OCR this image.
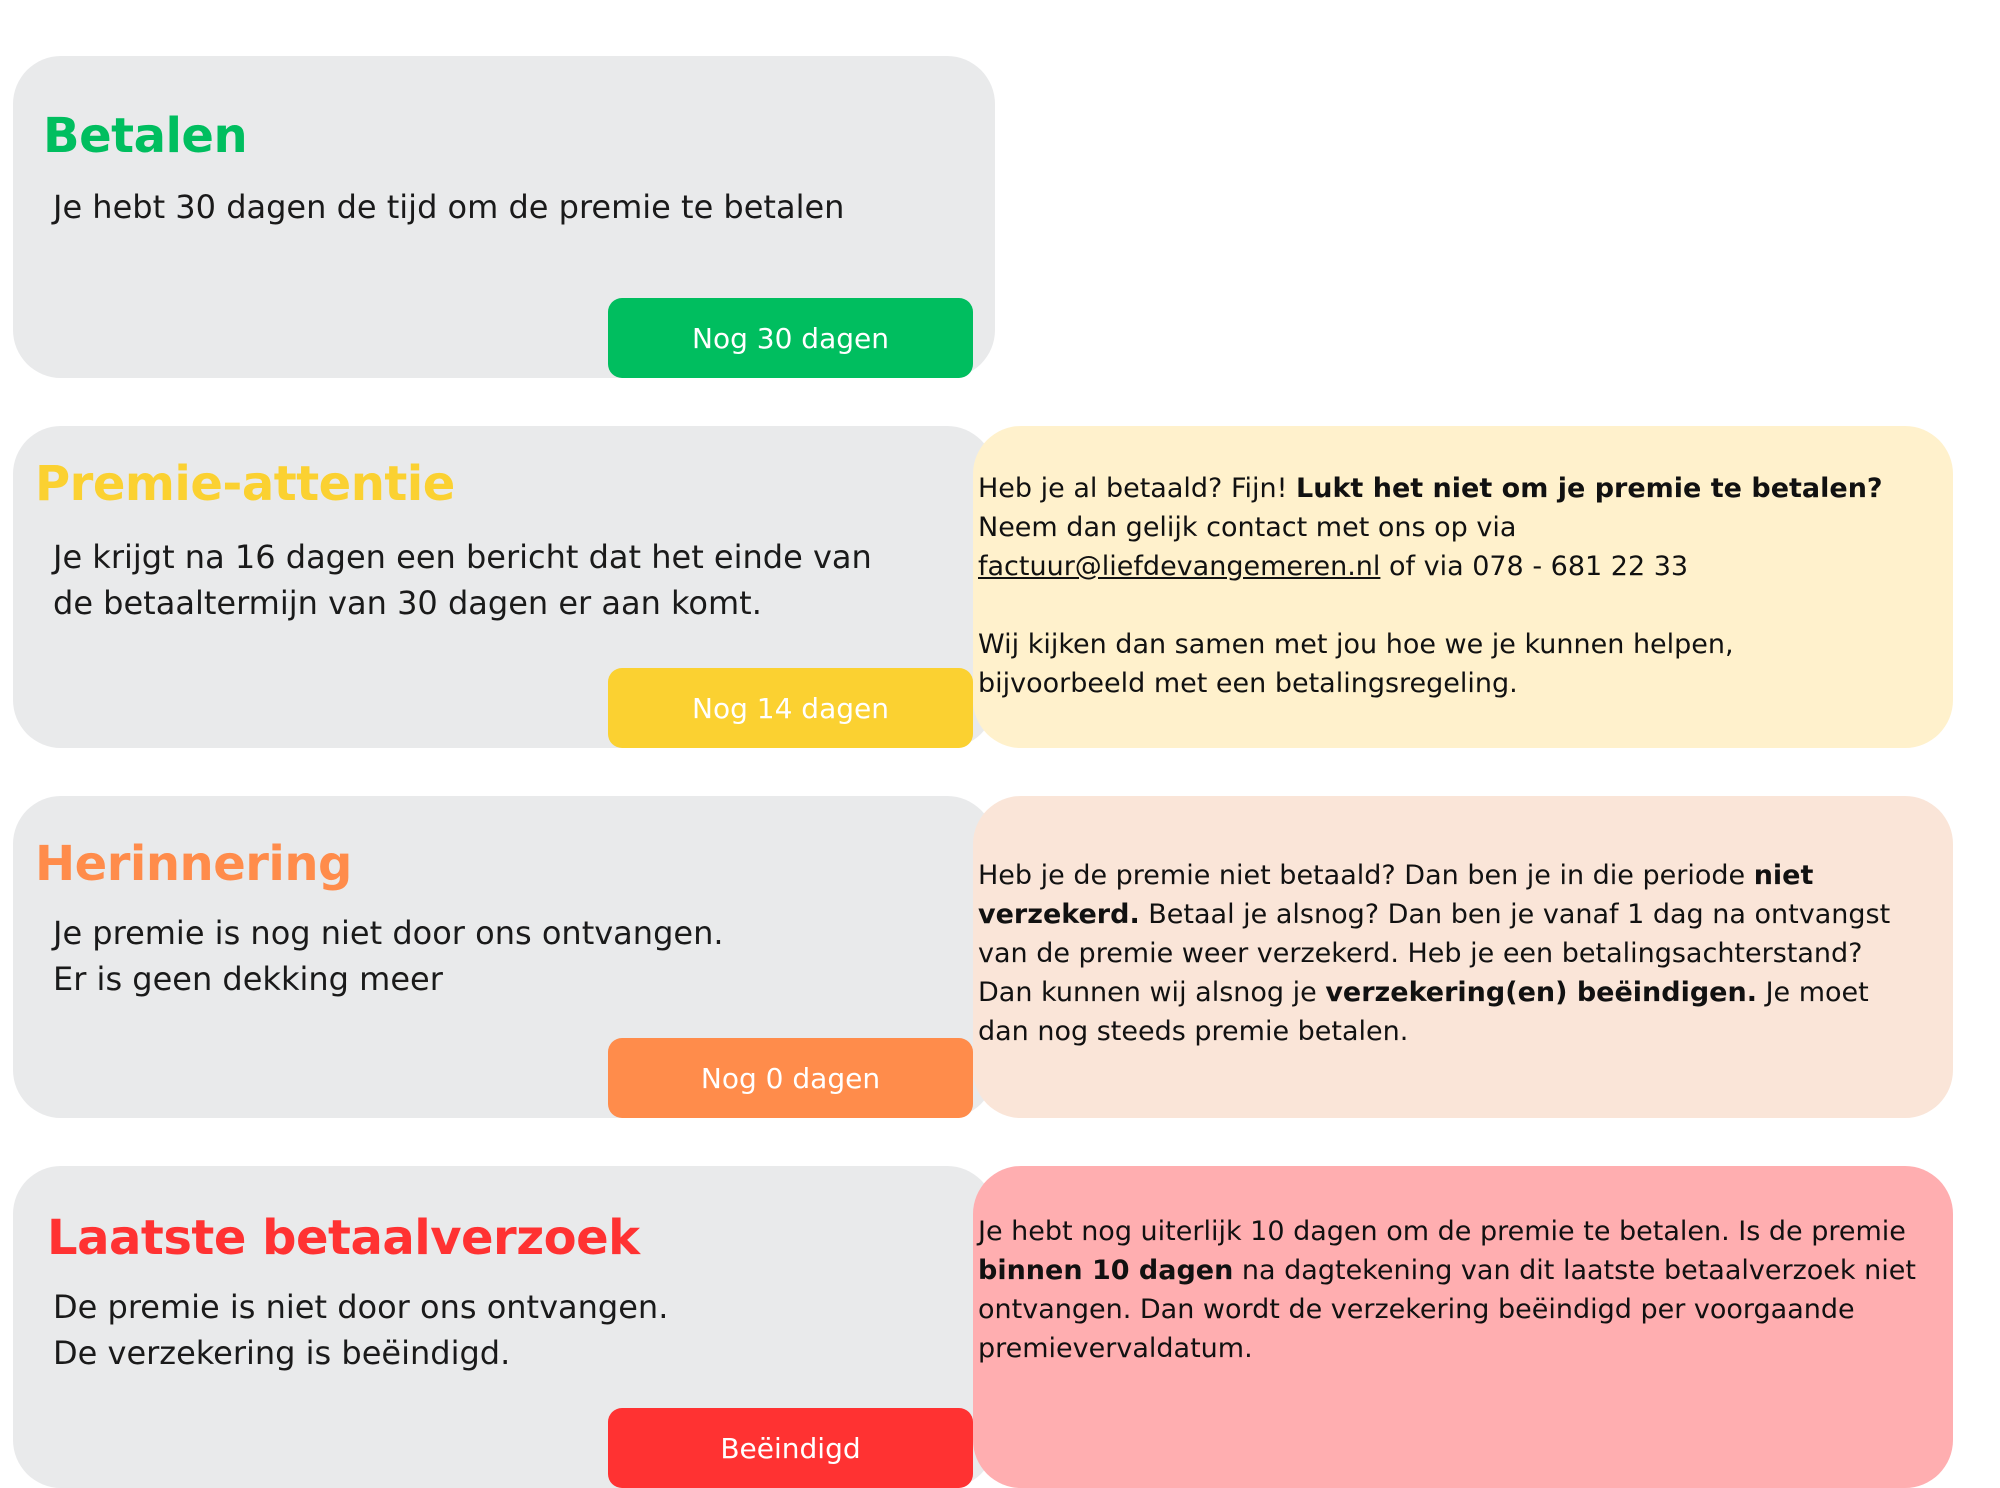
Betalen

Je hebt 30 dagen de tijd om de premie te betalen

Nog 30 dagen
Premie-attentie

Je krijgt na 16 dagen een bericht dat het einde van
de betaaltermijn van 30 dagen er aan komt.

Nog 14 dagen

Heb je al betaald? Fijn! Lukt het niet om je premie te betalen?

Neem dan gelijk contact met ons op via

factuur@liefdevangemeren.nl of via 078 - 681 22 33

Wij kijken dan samen met jou hoe we je kunnen helpen,

bijvoorbeeld met een betalingsregeling.

Herinnering

Je premie is nog niet door ons ontvangen.
Er is geen dekking meer

Nog 0 dagen

Heb je de premie niet betaald? Dan ben je in die periode niet verzekerd. Betaal je alsnog? Dan ben je vanaf 1 dag na ontvangst van de premie weer verzekerd. Heb je een betalingsachterstand? Dan kunnen wij alsnog je verzekering(en) beëindigen. Je moet dan nog steeds premie betalen.

Laatste betaalverzoek

De premie is niet door ons ontvangen.
De verzekering is beëindigd.

Beëindigd

Je hebt nog uiterlijk 10 dagen om de premie te betalen. Is de premie binnen 10 dagen na dagtekening van dit laatste betaalverzoek niet ontvangen. Dan wordt de verzekering beëindigd per voorgaande premievervaldatum.
